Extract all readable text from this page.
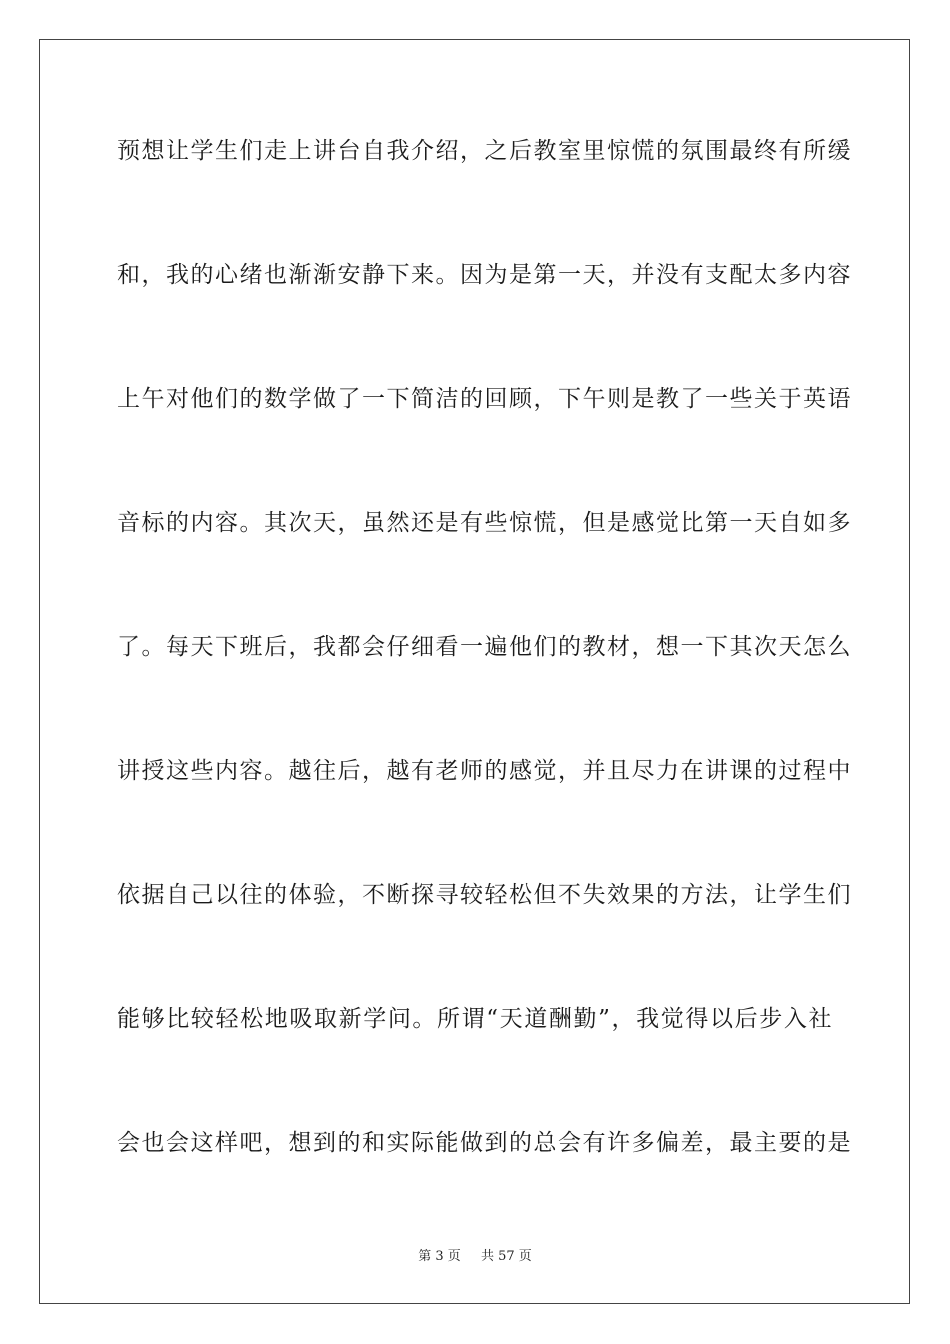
预想让学生们走上讲台自我介绍，之后教室里惊慌的氛围最终有所缓
和，我的心绪也渐渐安静下来。因为是第一天，并没有支配太多内容
上午对他们的数学做了一下简洁的回顾，下午则是教了一些关于英语
音标的内容。其次天，虽然还是有些惊慌，但是感觉比第一天自如多
了。每天下班后，我都会仔细看一遍他们的教材，想一下其次天怎么
讲授这些内容。越往后，越有老师的感觉，并且尽力在讲课的过程中
依据自己以往的体验，不断探寻较轻松但不失效果的方法，让学生们
能够比较轻松地吸取新学问。所谓“天道酬勤”，我觉得以后步入社
会也会这样吧，想到的和实际能做到的总会有许多偏差，最主要的是
第 3 页 共 57 页
